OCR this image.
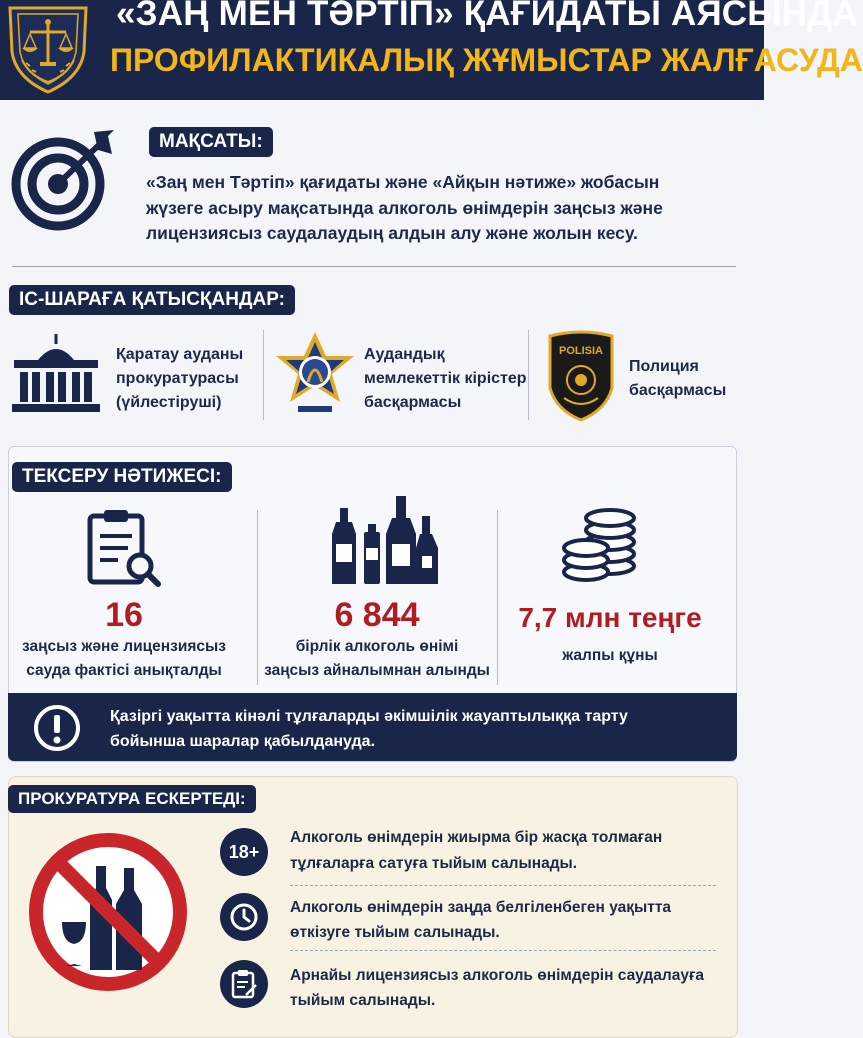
«ЗАҢ МЕН ТӘРТІП» ҚАҒИДАТЫ АЯСЫНДА
ПРОФИЛАКТИКАЛЫҚ ЖҰМЫСТАР ЖАЛҒАСУДА
МАҚСАТЫ:
«Заң мен Тәртіп» қағидаты және «Айқын нәтиже» жобасын
жүзеге асыру мақсатында алкоголь өнімдерін заңсыз және
лицензиясыз саудалаудың алдын алу және жолын кесу.
ІС-ШАРАҒА ҚАТЫСҚАНДАР:
Қаратау ауданы
прокуратурасы
(үйлестіруші)
Аудандық
мемлекеттік кірістер
басқармасы
POLISIA
Полиция
басқармасы
ТЕКСЕРУ НӘТИЖЕСІ:
16
заңсыз және лицензиясыз
сауда фактісі анықталды
6 844
бірлік алкоголь өнімі
заңсыз айналымнан алынды
7,7 млн теңге
жалпы құны
Қазіргі уақытта кінәлі тұлғаларды әкімшілік жауаптылыққа тарту
бойынша шаралар қабылдануда.
ПРОКУРАТУРА ЕСКЕРТЕДІ:
18+
Алкоголь өнімдерін жиырма бір жасқа толмаған
тұлғаларға сатуға тыйым салынады.
Алкоголь өнімдерін заңда белгіленбеген уақытта
өткізуге тыйым салынады.
Арнайы лицензиясыз алкоголь өнімдерін саудалауға
тыйым салынады.
